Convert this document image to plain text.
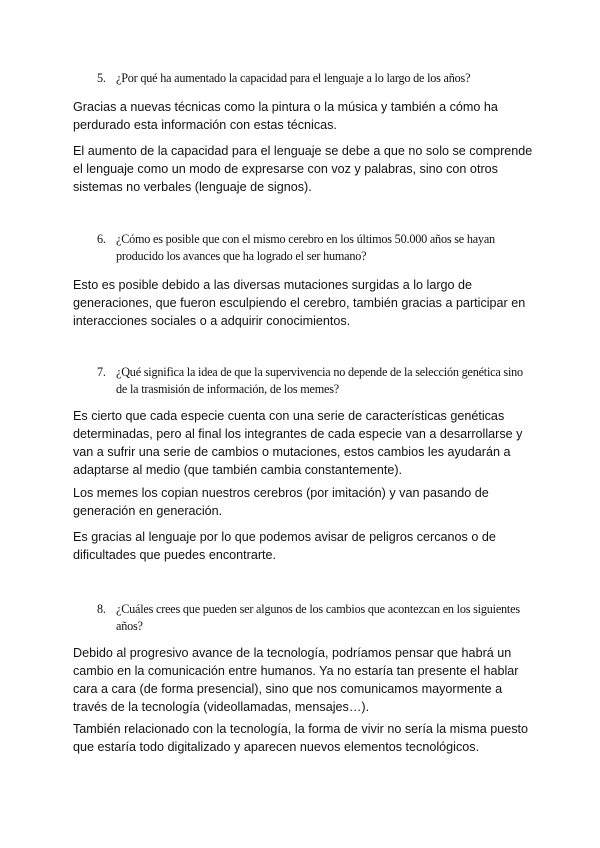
5. ¿Por qué ha aumentado la capacidad para el lenguaje a lo largo de los años?
Gracias a nuevas técnicas como la pintura o la música y también a cómo ha perdurado esta información con estas técnicas.
El aumento de la capacidad para el lenguaje se debe a que no solo se comprende el lenguaje como un modo de expresarse con voz y palabras, sino con otros sistemas no verbales (lenguaje de signos).
6. ¿Cómo es posible que con el mismo cerebro en los últimos 50.000 años se hayan producido los avances que ha logrado el ser humano?
Esto es posible debido a las diversas mutaciones surgidas a lo largo de generaciones, que fueron esculpiendo el cerebro, también gracias a participar en interacciones sociales o a adquirir conocimientos.
7. ¿Qué significa la idea de que la supervivencia no depende de la selección genética sino de la trasmisión de información, de los memes?
Es cierto que cada especie cuenta con una serie de características genéticas determinadas, pero al final los integrantes de cada especie van a desarrollarse y van a sufrir una serie de cambios o mutaciones, estos cambios les ayudarán a adaptarse al medio (que también cambia constantemente).
Los memes los copian nuestros cerebros (por imitación) y van pasando de generación en generación.
Es gracias al lenguaje por lo que podemos avisar de peligros cercanos o de dificultades que puedes encontrarte.
8. ¿Cuáles crees que pueden ser algunos de los cambios que acontezcan en los siguientes años?
Debido al progresivo avance de la tecnología, podríamos pensar que habrá un cambio en la comunicación entre humanos. Ya no estaría tan presente el hablar cara a cara (de forma presencial), sino que nos comunicamos mayormente a través de la tecnología (videollamadas, mensajes…).
También relacionado con la tecnología, la forma de vivir no sería la misma puesto que estaría todo digitalizado y aparecen nuevos elementos tecnológicos.
